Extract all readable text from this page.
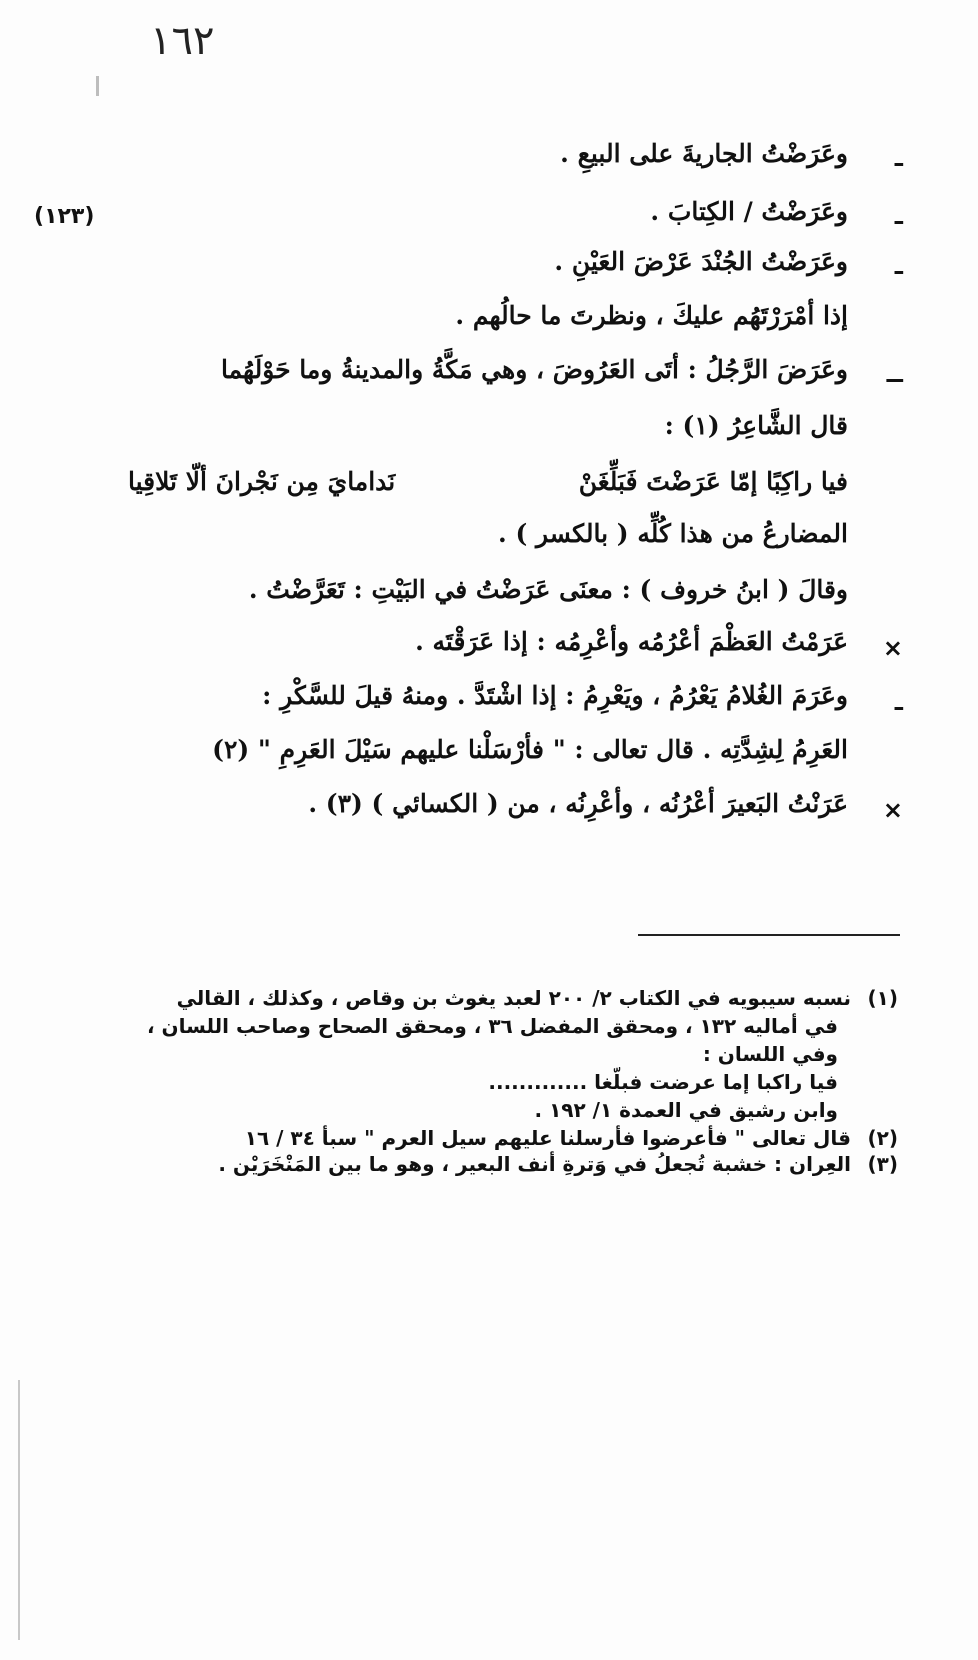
١٦٢
(١٢٣)
ـ
وعَرَضْتُ الجاريةَ على البيعِ .
ـ
وعَرَضْتُ / الكِتابَ .
ـ
وعَرَضْتُ الجُنْدَ عَرْضَ العَيْنِ .
إذا أمْرَرْتَهُم عليكَ ، ونظرتَ ما حالُهم .
ــ
وعَرَضَ الرَّجُلُ : أتَى العَرُوضَ ، وهي مَكَّةُ والمدينةُ وما حَوْلَهُما
قال الشَّاعِرُ (١) :
فيا راكِبًا إمّا عَرَضْتَ فَبَلِّغَنْ
نَدامايَ مِن نَجْرانَ ألّا تَلاقِيا
المضارعُ من هذا كُلِّه ( بالكسر ) .
وقالَ ( ابنُ خروف ) : معنَى عَرَضْتُ في البَيْتِ : تَعَرَّضْتُ .
×
عَرَمْتُ العَظْمَ أعْرُمُه وأعْرِمُه : إذا عَرَقْتَه .
ـ
وعَرَمَ الغُلامُ يَعْرُمُ ، ويَعْرِمُ : إذا اشْتَدَّ . ومنهُ قيلَ للسَّكْرِ :
العَرِمُ لِشِدَّتِه . قال تعالى : " فأرْسَلْنا عليهم سَيْلَ العَرِمِ " (٢)
×
عَرَنْتُ البَعيرَ أعْرُنُه ، وأعْرِنُه ، من ( الكسائي ) (٣) .
(١) نسبه سيبويه في الكتاب ٢/ ٢٠٠ لعبد يغوث بن وقاص ، وكذلك ، القالي
في أماليه ١٣٢ ، ومحقق المفضل ٣٦ ، ومحقق الصحاح وصاحب اللسان ،
وفي اللسان :
فيا راكبا إما عرضت فبلّغا .............
وابن رشيق في العمدة ١/ ١٩٢ .
(٢) قال تعالى " فأعرضوا فأرسلنا عليهم سيل العرم " سبأ ٣٤ / ١٦
(٣) العِران : خشبة تُجعلُ في وَترةِ أنف البعير ، وهو ما بين المَنْخَرَيْن .
